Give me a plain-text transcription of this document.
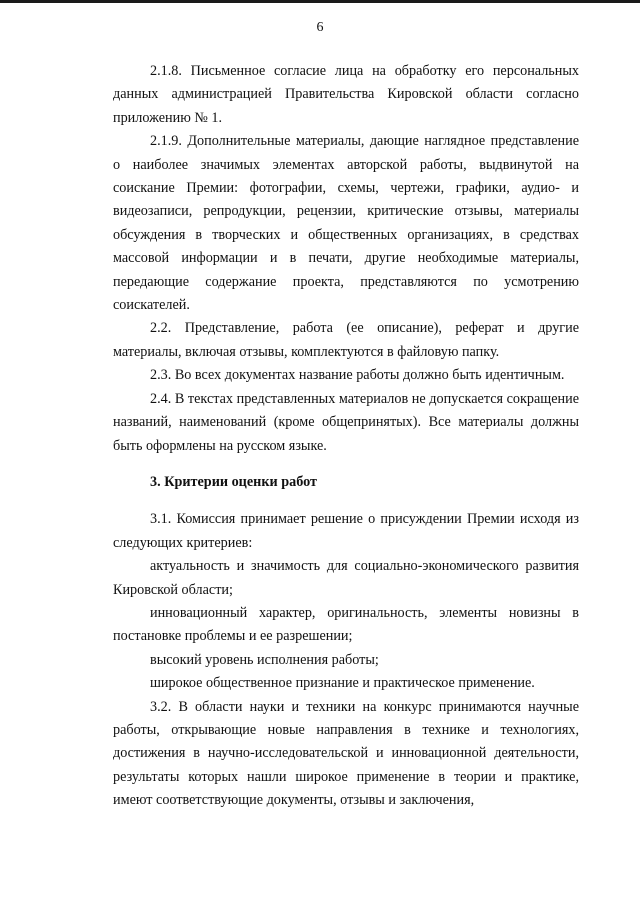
6

2.1.8. Письменное согласие лица на обработку его персональных данных администрацией Правительства Кировской области согласно приложению № 1.

2.1.9. Дополнительные материалы, дающие наглядное представление о наиболее значимых элементах авторской работы, выдвинутой на соискание Премии: фотографии, схемы, чертежи, графики, аудио- и видеозаписи, репродукции, рецензии, критические отзывы, материалы обсуждения в творческих и общественных организациях, в средствах массовой информации и в печати, другие необходимые материалы, передающие содержание проекта, представляются по усмотрению соискателей.

2.2. Представление, работа (ее описание), реферат и другие материалы, включая отзывы, комплектуются в файловую папку.

2.3. Во всех документах название работы должно быть идентичным.

2.4. В текстах представленных материалов не допускается сокращение названий, наименований (кроме общепринятых). Все материалы должны быть оформлены на русском языке.

3. Критерии оценки работ

3.1. Комиссия принимает решение о присуждении Премии исходя из следующих критериев:

актуальность и значимость для социально-экономического развития Кировской области;

инновационный характер, оригинальность, элементы новизны в постановке проблемы и ее разрешении;

высокий уровень исполнения работы;

широкое общественное признание и практическое применение.

3.2. В области науки и техники на конкурс принимаются научные работы, открывающие новые направления в технике и технологиях, достижения в научно-исследовательской и инновационной деятельности, результаты которых нашли широкое применение в теории и практике, имеют соответствующие документы, отзывы и заключения,
